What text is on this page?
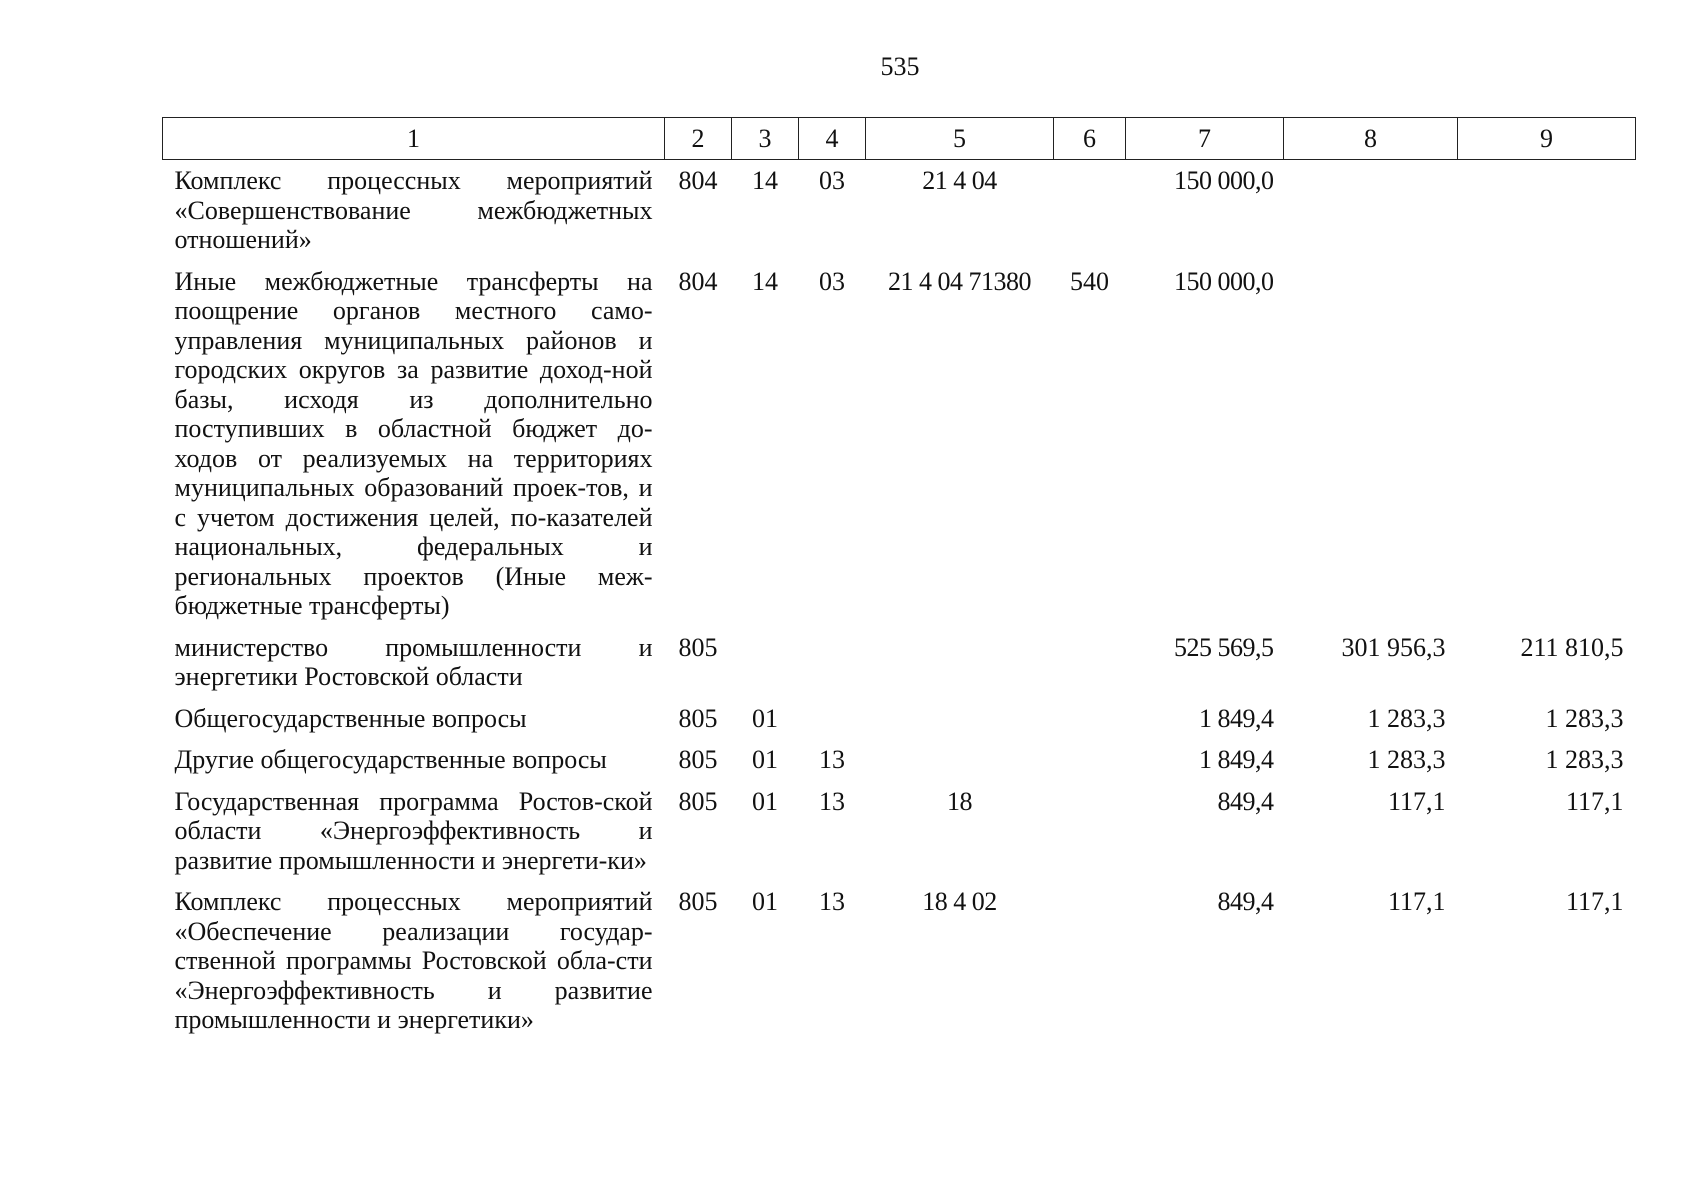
535
1	2	3	4	5	6	7	8	9
Комплекс процессных мероприятий «Совершенствование межбюджетных отношений»	804	14	03	21 4 04		150 000,0		
Иные межбюджетные трансферты на поощрение органов местного само-управления муниципальных районов и городских округов за развитие доход-ной базы, исходя из дополнительно поступивших в областной бюджет до-ходов от реализуемых на территориях муниципальных образований проек-тов, и с учетом достижения целей, по-казателей национальных, федеральных и региональных проектов (Иные меж-бюджетные трансферты)	804	14	03	21 4 04 71380	540	150 000,0		
министерство промышленности и энергетики Ростовской области	805					525 569,5	301 956,3	211 810,5
Общегосударственные вопросы	805	01				1 849,4	1 283,3	1 283,3
Другие общегосударственные вопросы	805	01	13			1 849,4	1 283,3	1 283,3
Государственная программа Ростов-ской области «Энергоэффективность и развитие промышленности и энергети-ки»	805	01	13	18		849,4	117,1	117,1
Комплекс процессных мероприятий «Обеспечение реализации государ-ственной программы Ростовской обла-сти «Энергоэффективность и развитие промышленности и энергетики»	805	01	13	18 4 02		849,4	117,1	117,1
